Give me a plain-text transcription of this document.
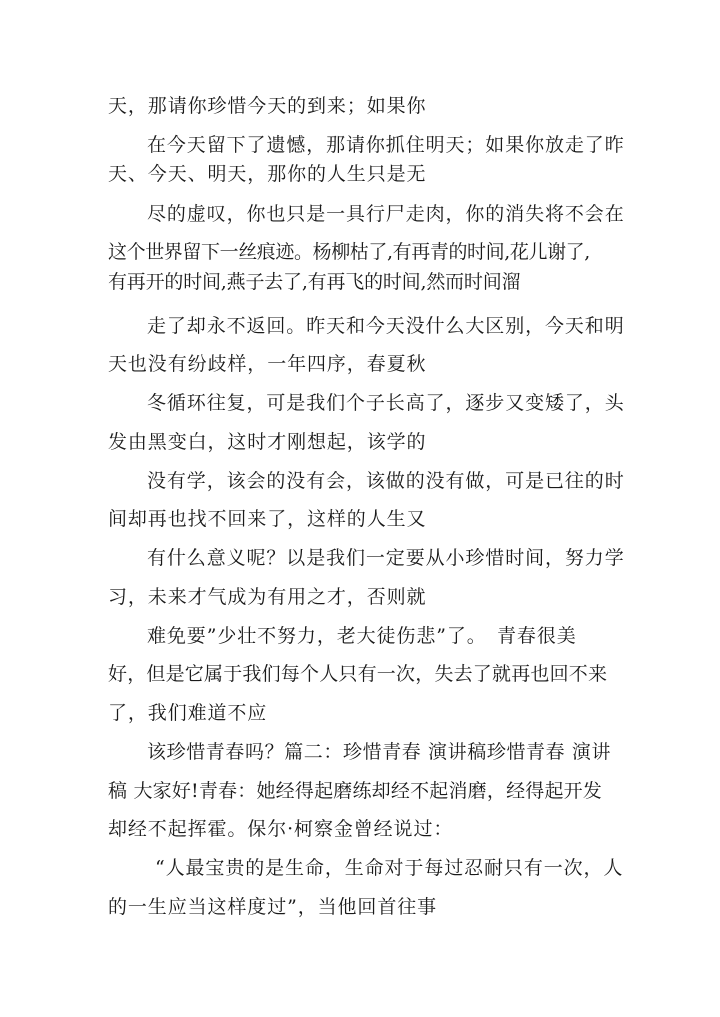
天，那请你珍惜今天的到来；如果你
在今天留下了遗憾，那请你抓住明天；如果你放走了昨
天、今天、明天，那你的人生只是无
尽的虚叹，你也只是一具行尸走肉，你的消失将不会在
这个世界留下一丝痕迹。杨柳枯了,有再青的时间,花儿谢了,
有再开的时间,燕子去了,有再飞的时间,然而时间溜
走了却永不返回。昨天和今天没什么大区别，今天和明
天也没有纷歧样，一年四序，春夏秋
冬循环往复，可是我们个子长高了，逐步又变矮了，头
发由黑变白，这时才刚想起，该学的
没有学，该会的没有会，该做的没有做，可是已往的时
间却再也找不回来了，这样的人生又
有什么意义呢？以是我们一定要从小珍惜时间，努力学
习，未来才气成为有用之才，否则就
难免要”少壮不努力，老大徒伤悲”了。　青春很美
好，但是它属于我们每个人只有一次，失去了就再也回不来
了，我们难道不应
该珍惜青春吗？篇二：珍惜青春 演讲稿珍惜青春 演讲
稿 大家好!青春：她经得起磨练却经不起消磨，经得起开发
却经不起挥霍。保尔·柯察金曾经说过：
“人最宝贵的是生命，生命对于每过忍耐只有一次，人
的一生应当这样度过”，当他回首往事
